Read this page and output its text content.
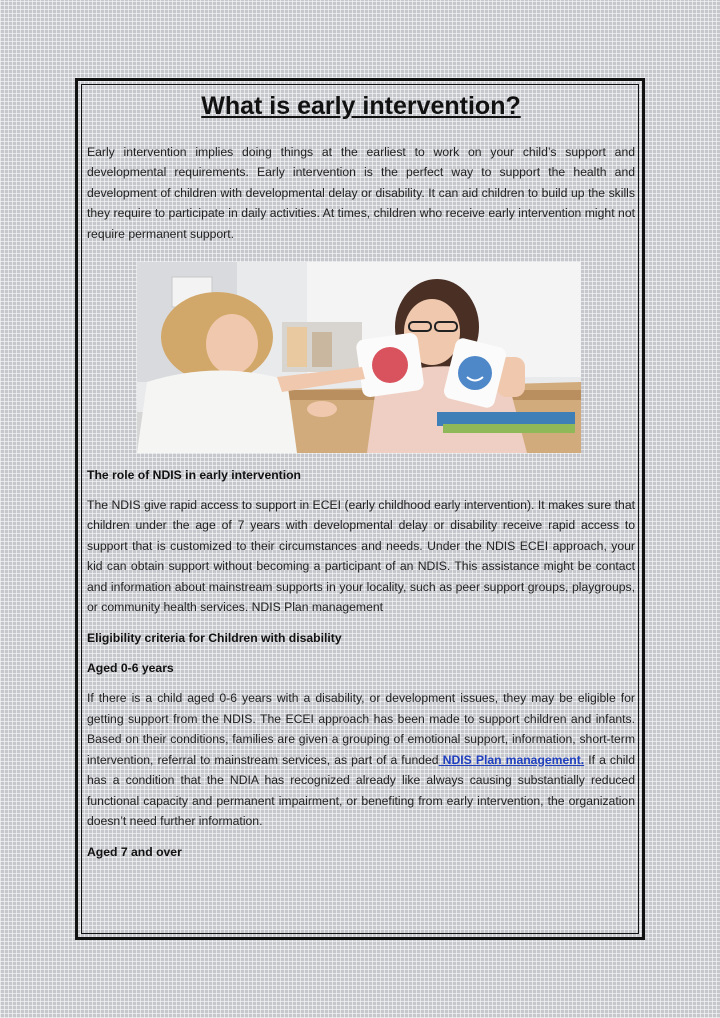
What is early intervention?

Early intervention implies doing things at the earliest to work on your child’s support and developmental requirements. Early intervention is the perfect way to support the health and development of children with developmental delay or disability. It can aid children to build up the skills they require to participate in daily activities. At times, children who receive early intervention might not require permanent support.

The role of NDIS in early intervention

The NDIS give rapid access to support in ECEI (early childhood early intervention). It makes sure that children under the age of 7 years with developmental delay or disability receive rapid access to support that is customized to their circumstances and needs. Under the NDIS ECEI approach, your kid can obtain support without becoming a participant of an NDIS. This assistance might be contact and information about mainstream supports in your locality, such as peer support groups, playgroups, or community health services. NDIS Plan management

Eligibility criteria for Children with disability
Aged 0-6 years

If there is a child aged 0-6 years with a disability, or development issues, they may be eligible for getting support from the NDIS. The ECEI approach has been made to support children and infants. Based on their conditions, families are given a grouping of emotional support, information, short-term intervention, referral to mainstream services, as part of a funded NDIS Plan management. If a child has a condition that the NDIA has recognized already like always causing substantially reduced functional capacity and permanent impairment, or benefiting from early intervention, the organization doesn’t need further information.

Aged 7 and over
